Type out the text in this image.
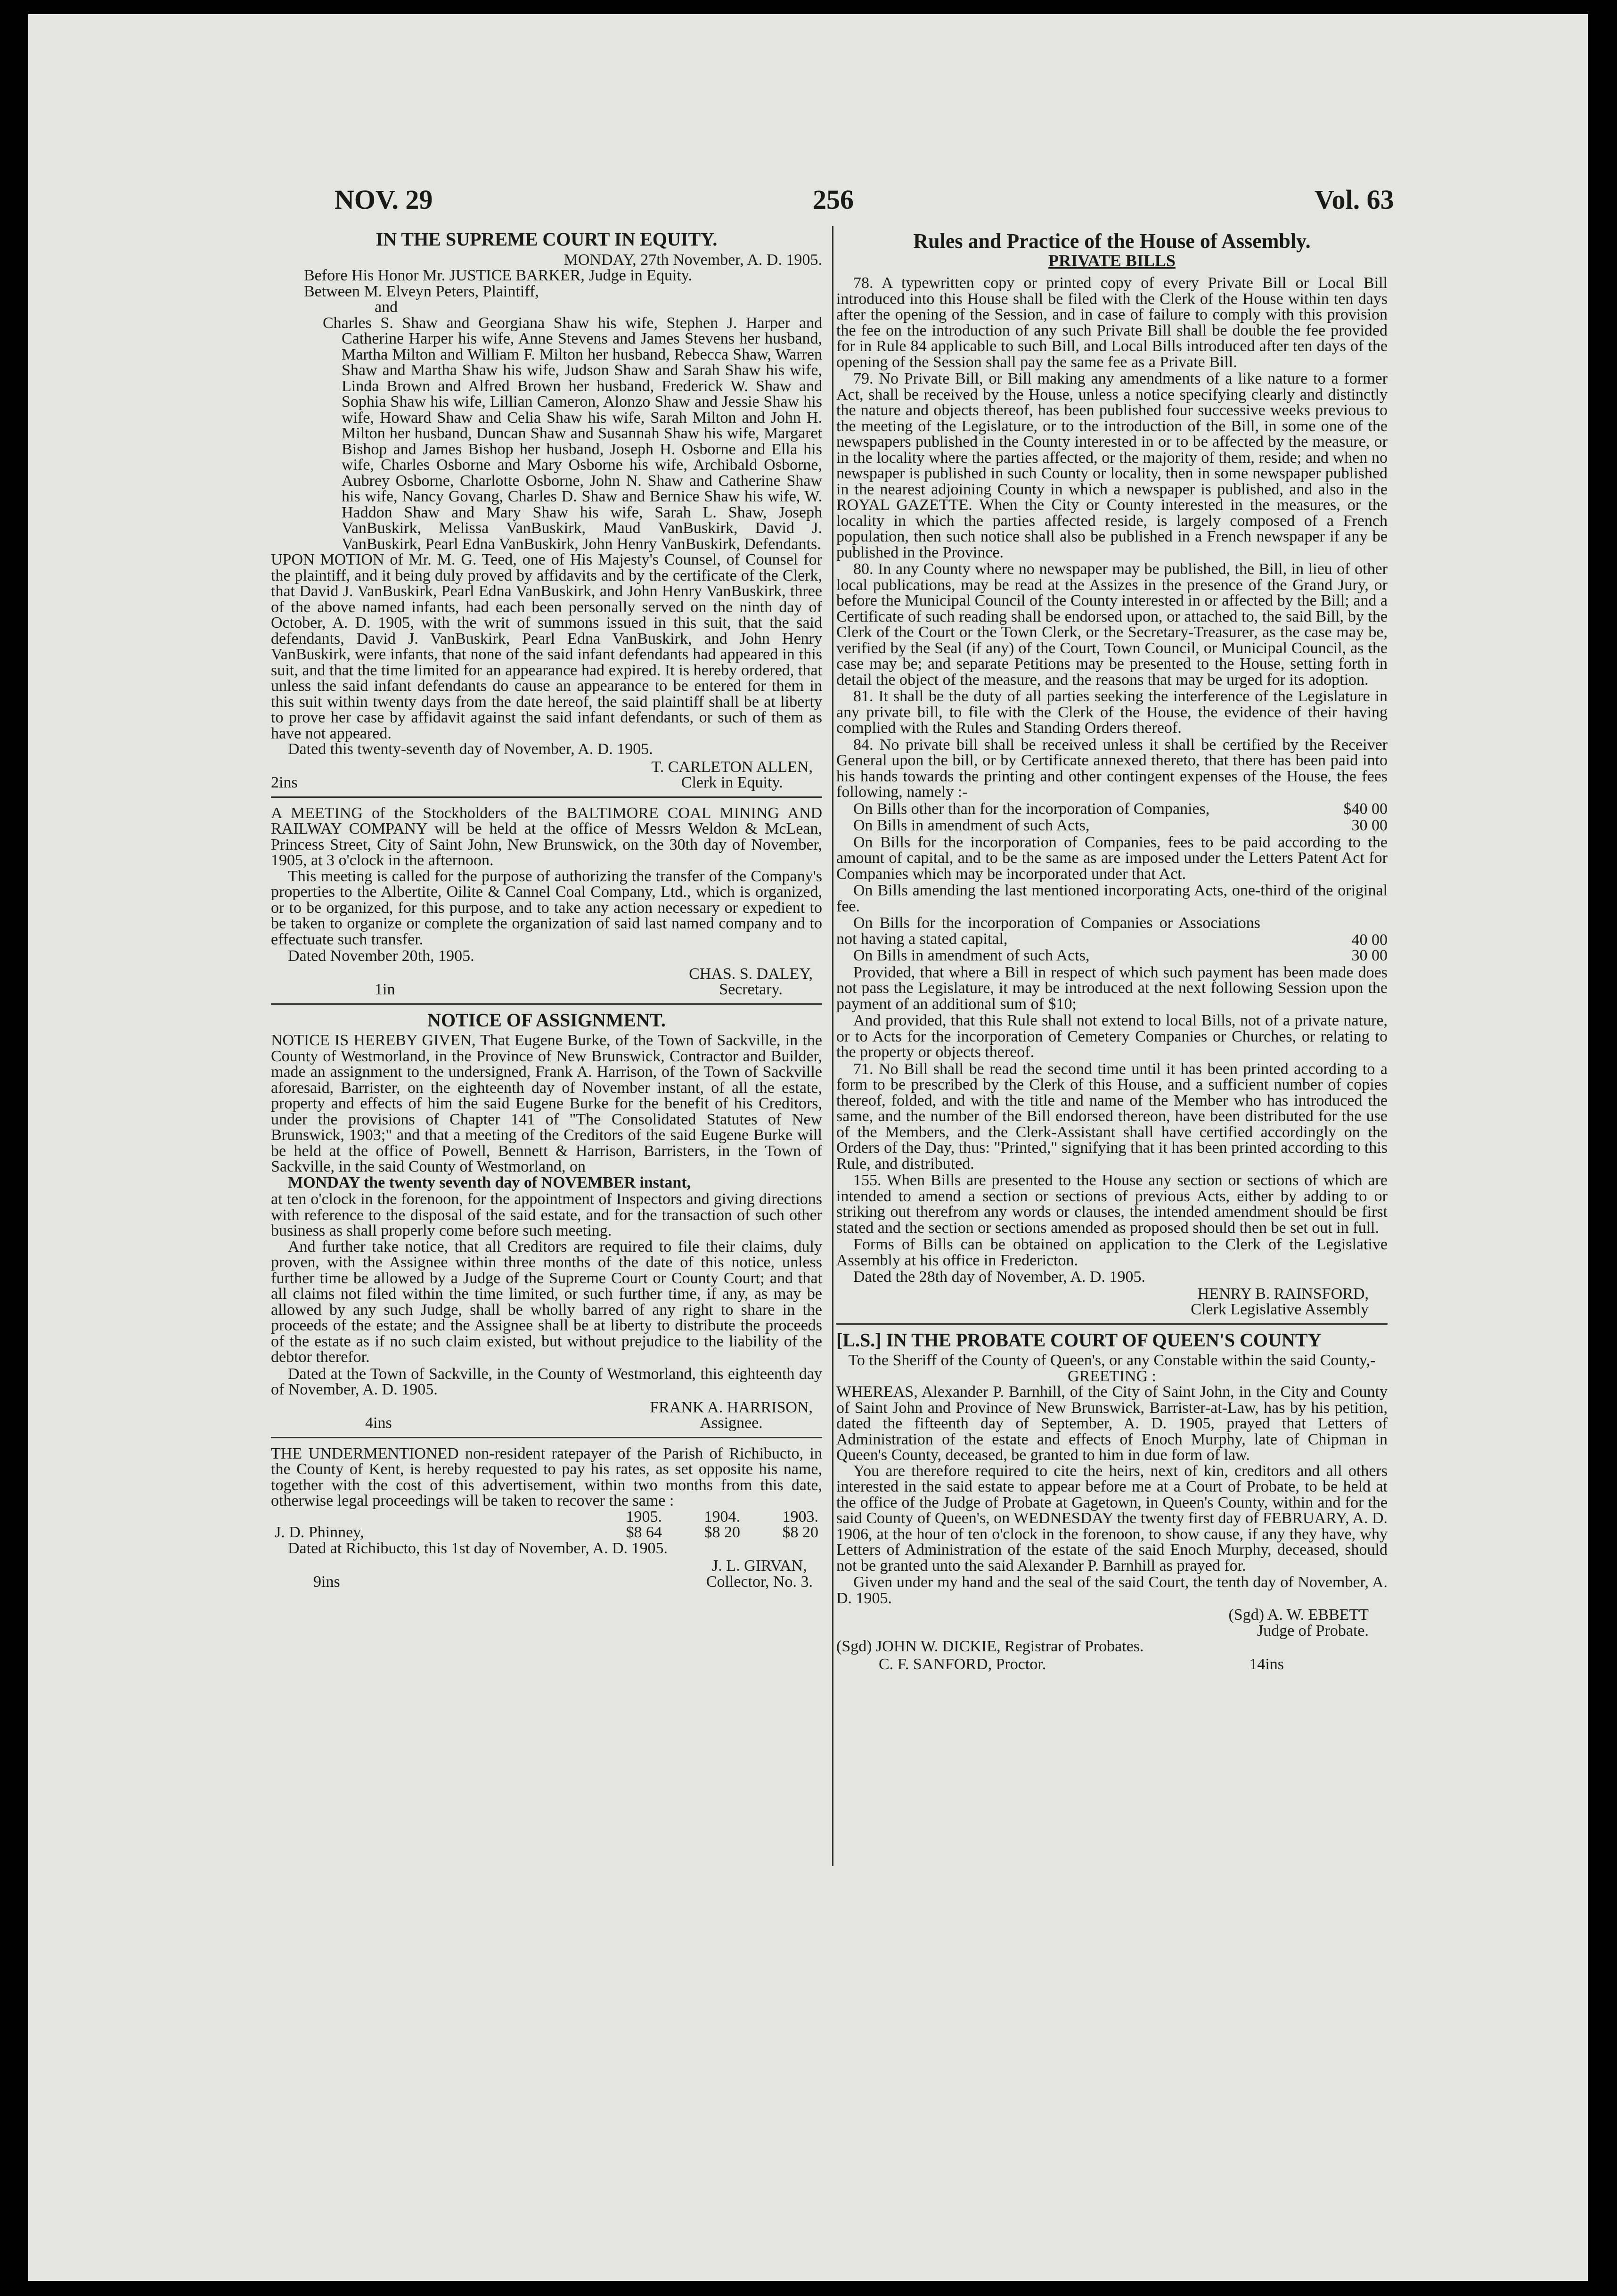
NOV. 29	256	Vol. 63
IN THE SUPREME COURT IN EQUITY.
MONDAY, 27th November, A. D. 1905.
Before His Honor Mr. JUSTICE BARKER, Judge in Equity.
Between M. Elveyn Peters, Plaintiff,
and
Charles S. Shaw and Georgiana Shaw his wife, Stephen J. Harper and Catherine Harper his wife, Anne Stevens and James Stevens her husband, Martha Milton and William F. Milton her husband, Rebecca Shaw, Warren Shaw and Martha Shaw his wife, Judson Shaw and Sarah Shaw his wife, Linda Brown and Alfred Brown her husband, Frederick W. Shaw and Sophia Shaw his wife, Lillian Cameron, Alonzo Shaw and Jessie Shaw his wife, Howard Shaw and Celia Shaw his wife, Sarah Milton and John H. Milton her husband, Duncan Shaw and Susannah Shaw his wife, Margaret Bishop and James Bishop her husband, Joseph H. Osborne and Ella his wife, Charles Osborne and Mary Osborne his wife, Archibald Osborne, Aubrey Osborne, Charlotte Osborne, John N. Shaw and Catherine Shaw his wife, Nancy Govang, Charles D. Shaw and Bernice Shaw his wife, W. Haddon Shaw and Mary Shaw his wife, Sarah L. Shaw, Joseph VanBuskirk, Melissa VanBuskirk, Maud VanBuskirk, David J. VanBuskirk, Pearl Edna VanBuskirk, John Henry VanBuskirk, Defendants.
UPON MOTION of Mr. M. G. Teed, one of His Majesty's Counsel, of Counsel for the plaintiff, and it being duly proved by affidavits and by the certificate of the Clerk, that David J. VanBuskirk, Pearl Edna VanBuskirk, and John Henry VanBuskirk, three of the above named infants, had each been personally served on the ninth day of October, A. D. 1905, with the writ of summons issued in this suit, that the said defendants, David J. VanBuskirk, Pearl Edna VanBuskirk, and John Henry VanBuskirk, were infants, that none of the said infant defendants had appeared in this suit, and that the time limited for an appearance had expired. It is hereby ordered, that unless the said infant defendants do cause an appearance to be entered for them in this suit within twenty days from the date hereof, the said plaintiff shall be at liberty to prove her case by affidavit against the said infant defendants, or such of them as have not appeared.
Dated this twenty-seventh day of November, A. D. 1905.
2ins
T. CARLETON ALLEN,
Clerk in Equity.
A MEETING of the Stockholders of the BALTIMORE COAL MINING AND RAILWAY COMPANY will be held at the office of Messrs Weldon & McLean, Princess Street, City of Saint John, New Brunswick, on the 30th day of November, 1905, at 3 o'clock in the afternoon.
This meeting is called for the purpose of authorizing the transfer of the Company's properties to the Albertite, Oilite & Cannel Coal Company, Ltd., which is organized, or to be organized, for this purpose, and to take any action necessary or expedient to be taken to organize or complete the organization of said last named company and to effectuate such transfer.
Dated November 20th, 1905.
1in
CHAS. S. DALEY,
Secretary.
NOTICE OF ASSIGNMENT.
NOTICE IS HEREBY GIVEN, That Eugene Burke, of the Town of Sackville, in the County of Westmorland, in the Province of New Brunswick, Contractor and Builder, made an assignment to the undersigned, Frank A. Harrison, of the Town of Sackville aforesaid, Barrister, on the eighteenth day of November instant, of all the estate, property and effects of him the said Eugene Burke for the benefit of his Creditors, under the provisions of Chapter 141 of "The Consolidated Statutes of New Brunswick, 1903;" and that a meeting of the Creditors of the said Eugene Burke will be held at the office of Powell, Bennett & Harrison, Barristers, in the Town of Sackville, in the said County of Westmorland, on
MONDAY the twenty seventh day of NOVEMBER instant,
at ten o'clock in the forenoon, for the appointment of Inspectors and giving directions with reference to the disposal of the said estate, and for the transaction of such other business as shall properly come before such meeting.
And further take notice, that all Creditors are required to file their claims, duly proven, with the Assignee within three months of the date of this notice, unless further time be allowed by a Judge of the Supreme Court or County Court; and that all claims not filed within the time limited, or such further time, if any, as may be allowed by any such Judge, shall be wholly barred of any right to share in the proceeds of the estate; and the Assignee shall be at liberty to distribute the proceeds of the estate as if no such claim existed, but without prejudice to the liability of the debtor therefor.
Dated at the Town of Sackville, in the County of Westmorland, this eighteenth day of November, A. D. 1905.
4ins
FRANK A. HARRISON,
Assignee.
THE UNDERMENTIONED non-resident ratepayer of the Parish of Richibucto, in the County of Kent, is hereby requested to pay his rates, as set opposite his name, together with the cost of this advertisement, within two months from this date, otherwise legal proceedings will be taken to recover the same :
	1905.	1904.	1903.
J. D. Phinney,	$8 64	$8 20	$8 20
Dated at Richibucto, this 1st day of November, A. D. 1905.
9ins
J. L. GIRVAN,
Collector, No. 3.
Rules and Practice of the House of Assembly.
PRIVATE BILLS
78. A typewritten copy or printed copy of every Private Bill or Local Bill introduced into this House shall be filed with the Clerk of the House within ten days after the opening of the Session, and in case of failure to comply with this provision the fee on the introduction of any such Private Bill shall be double the fee provided for in Rule 84 applicable to such Bill, and Local Bills introduced after ten days of the opening of the Session shall pay the same fee as a Private Bill.
79. No Private Bill, or Bill making any amendments of a like nature to a former Act, shall be received by the House, unless a notice specifying clearly and distinctly the nature and objects thereof, has been published four successive weeks previous to the meeting of the Legislature, or to the introduction of the Bill, in some one of the newspapers published in the County interested in or to be affected by the measure, or in the locality where the parties affected, or the majority of them, reside; and when no newspaper is published in such County or locality, then in some newspaper published in the nearest adjoining County in which a newspaper is published, and also in the ROYAL GAZETTE. When the City or County interested in the measures, or the locality in which the parties affected reside, is largely composed of a French population, then such notice shall also be published in a French newspaper if any be published in the Province.
80. In any County where no newspaper may be published, the Bill, in lieu of other local publications, may be read at the Assizes in the presence of the Grand Jury, or before the Municipal Council of the County interested in or affected by the Bill; and a Certificate of such reading shall be endorsed upon, or attached to, the said Bill, by the Clerk of the Court or the Town Clerk, or the Secretary-Treasurer, as the case may be, verified by the Seal (if any) of the Court, Town Council, or Municipal Council, as the case may be; and separate Petitions may be presented to the House, setting forth in detail the object of the measure, and the reasons that may be urged for its adoption.
81. It shall be the duty of all parties seeking the interference of the Legislature in any private bill, to file with the Clerk of the House, the evidence of their having complied with the Rules and Standing Orders thereof.
84. No private bill shall be received unless it shall be certified by the Receiver General upon the bill, or by Certificate annexed thereto, that there has been paid into his hands towards the printing and other contingent expenses of the House, the fees following, namely :-
On Bills other than for the incorporation of Companies,	$40 00
On Bills in amendment of such Acts,	30 00
On Bills for the incorporation of Companies, fees to be paid according to the amount of capital, and to be the same as are imposed under the Letters Patent Act for Companies which may be incorporated under that Act.
On Bills amending the last mentioned incorporating Acts, one-third of the original fee.
On Bills for the incorporation of Companies or Associations not having a stated capital,	40 00
On Bills in amendment of such Acts,	30 00
Provided, that where a Bill in respect of which such payment has been made does not pass the Legislature, it may be introduced at the next following Session upon the payment of an additional sum of $10;
And provided, that this Rule shall not extend to local Bills, not of a private nature, or to Acts for the incorporation of Cemetery Companies or Churches, or relating to the property or objects thereof.
71. No Bill shall be read the second time until it has been printed according to a form to be prescribed by the Clerk of this House, and a sufficient number of copies thereof, folded, and with the title and name of the Member who has introduced the same, and the number of the Bill endorsed thereon, have been distributed for the use of the Members, and the Clerk-Assistant shall have certified accordingly on the Orders of the Day, thus: "Printed," signifying that it has been printed according to this Rule, and distributed.
155. When Bills are presented to the House any section or sections of which are intended to amend a section or sections of previous Acts, either by adding to or striking out therefrom any words or clauses, the intended amendment should be first stated and the section or sections amended as proposed should then be set out in full.
Forms of Bills can be obtained on application to the Clerk of the Legislative Assembly at his office in Fredericton.
Dated the 28th day of November, A. D. 1905.
HENRY B. RAINSFORD,
Clerk Legislative Assembly
[L.S.] IN THE PROBATE COURT OF QUEEN'S COUNTY
To the Sheriff of the County of Queen's, or any Constable within the said County,-GREETING :
WHEREAS, Alexander P. Barnhill, of the City of Saint John, in the City and County of Saint John and Province of New Brunswick, Barrister-at-Law, has by his petition, dated the fifteenth day of September, A. D. 1905, prayed that Letters of Administration of the estate and effects of Enoch Murphy, late of Chipman in Queen's County, deceased, be granted to him in due form of law.
You are therefore required to cite the heirs, next of kin, creditors and all others interested in the said estate to appear before me at a Court of Probate, to be held at the office of the Judge of Probate at Gagetown, in Queen's County, within and for the said County of Queen's, on WEDNESDAY the twenty first day of FEBRUARY, A. D. 1906, at the hour of ten o'clock in the forenoon, to show cause, if any they have, why Letters of Administration of the estate of the said Enoch Murphy, deceased, should not be granted unto the said Alexander P. Barnhill as prayed for.
Given under my hand and the seal of the said Court, the tenth day of November, A. D. 1905.
(Sgd) A. W. EBBETT
Judge of Probate.
(Sgd) JOHN W. DICKIE, Registrar of Probates.
C. F. SANFORD, Proctor.	14ins
